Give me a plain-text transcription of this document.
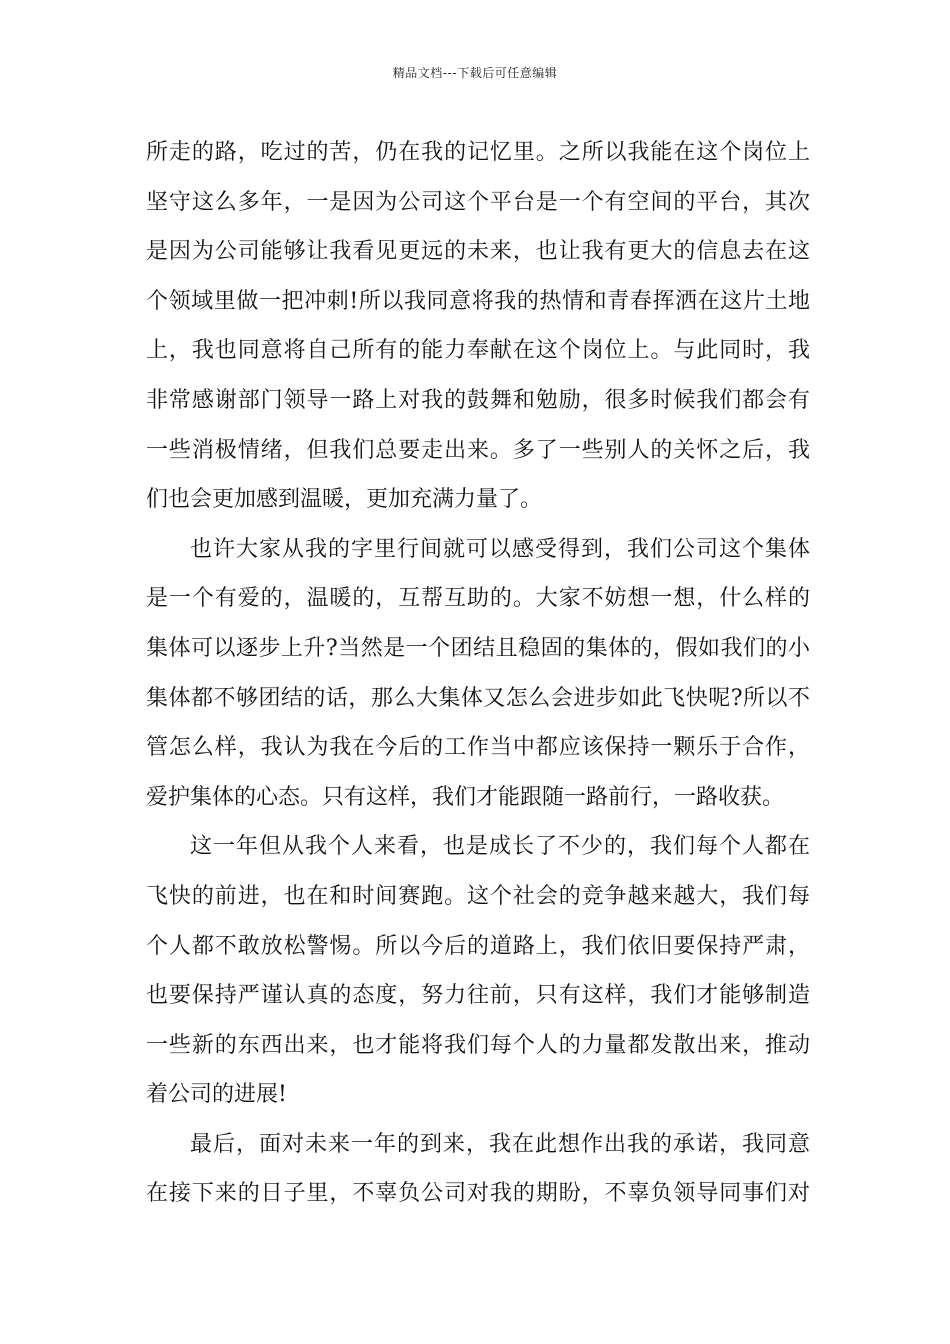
精品文档---下载后可任意编辑
所走的路，吃过的苦，仍在我的记忆里。之所以我能在这个岗位上
坚守这么多年，一是因为公司这个平台是一个有空间的平台，其次
是因为公司能够让我看见更远的未来，也让我有更大的信息去在这
个领域里做一把冲刺!所以我同意将我的热情和青春挥洒在这片土地
上，我也同意将自己所有的能力奉献在这个岗位上。与此同时，我
非常感谢部门领导一路上对我的鼓舞和勉励，很多时候我们都会有
一些消极情绪，但我们总要走出来。多了一些别人的关怀之后，我
们也会更加感到温暖，更加充满力量了。
也许大家从我的字里行间就可以感受得到，我们公司这个集体
是一个有爱的，温暖的，互帮互助的。大家不妨想一想，什么样的
集体可以逐步上升?当然是一个团结且稳固的集体的，假如我们的小
集体都不够团结的话，那么大集体又怎么会进步如此飞快呢?所以不
管怎么样，我认为我在今后的工作当中都应该保持一颗乐于合作，
爱护集体的心态。只有这样，我们才能跟随一路前行，一路收获。
这一年但从我个人来看，也是成长了不少的，我们每个人都在
飞快的前进，也在和时间赛跑。这个社会的竞争越来越大，我们每
个人都不敢放松警惕。所以今后的道路上，我们依旧要保持严肃，
也要保持严谨认真的态度，努力往前，只有这样，我们才能够制造
一些新的东西出来，也才能将我们每个人的力量都发散出来，推动
着公司的进展!
最后，面对未来一年的到来，我在此想作出我的承诺，我同意
在接下来的日子里，不辜负公司对我的期盼，不辜负领导同事们对
